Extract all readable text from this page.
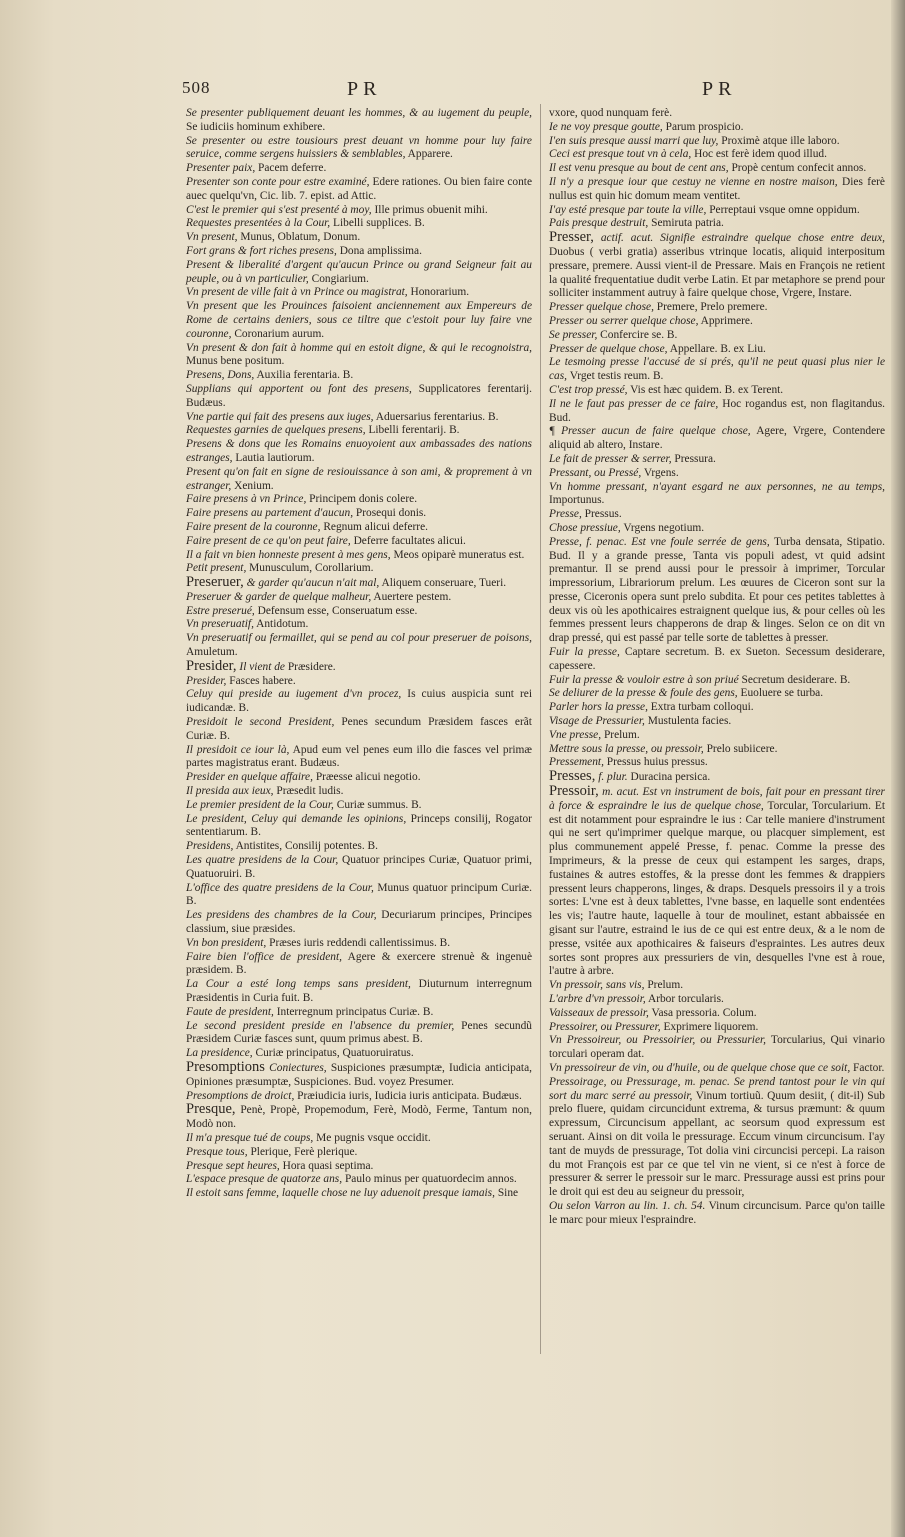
508	PR	PR
Se presenter publiquement deuant les hommes, & au iugement du peuple, Se iudiciis hominum exhibere.
Se presenter ou estre tousiours prest deuant vn homme pour luy faire seruice, comme sergens huissiers & semblables, Apparere.
Presenter paix, Pacem deferre.
Presenter son conte pour estre examiné, Edere rationes. Ou bien faire conte auec quelqu'vn, Cic. lib. 7. epist. ad Attic.
C'est le premier qui s'est presenté à moy, Ille primus obuenit mihi.
Requestes presentées à la Cour, Libelli supplices. B.
Vn present, Munus, Oblatum, Donum.
Fort grans & fort riches presens, Dona amplissima.
Present & liberalité d'argent qu'aucun Prince ou grand Seigneur fait au peuple, ou à vn particulier, Congiarium.
Vn present de ville fait à vn Prince ou magistrat, Honorarium.
Vn present que les Prouinces faisoient anciennement aux Empereurs de Rome de certains deniers, sous ce tiltre que c'estoit pour luy faire vne couronne, Coronarium aurum.
Vn present & don fait à homme qui en estoit digne, & qui le recognoistra, Munus bene positum.
Presens, Dons, Auxilia ferentaria. B.
Supplians qui apportent ou font des presens, Supplicatores ferentarij. Budæus.
Vne partie qui fait des presens aux iuges, Aduersarius ferentarius. B.
Requestes garnies de quelques presens, Libelli ferentarij. B.
Presens & dons que les Romains enuoyoient aux ambassades des nations estranges, Lautia lautiorum.
Present qu'on fait en signe de resiouissance à son ami, & proprement à vn estranger, Xenium.
Faire presens à vn Prince, Principem donis colere.
Faire presens au partement d'aucun, Prosequi donis.
Faire present de la couronne, Regnum alicui deferre.
Faire present de ce qu'on peut faire, Deferre facultates alicui.
Il a fait vn bien honneste present à mes gens, Meos opiparè muneratus est.
Petit present, Munusculum, Corollarium.
Preseruer, & garder qu'aucun n'ait mal, Aliquem conseruare, Tueri.
Preseruer & garder de quelque malheur, Auertere pestem.
Estre preserué, Defensum esse, Conseruatum esse.
Vn preseruatif, Antidotum.
Vn preseruatif ou fermaillet, qui se pend au col pour preseruer de poisons, Amuletum.
Presider, Il vient de Præsidere.
Presider, Fasces habere.
Celuy qui preside au iugement d'vn procez, Is cuius auspicia sunt rei iudicandæ. B.
Presidoit le second President, Penes secundum Præsidem fasces erãt Curiæ. B.
Il presidoit ce iour là, Apud eum vel penes eum illo die fasces vel primæ partes magistratus erant. Budæus.
Presider en quelque affaire, Præesse alicui negotio.
Il presida aux ieux, Præsedit ludis.
Le premier president de la Cour, Curiæ summus. B.
Le president, Celuy qui demande les opinions, Princeps consilij, Rogator sententiarum. B.
Presidens, Antistites, Consilij potentes. B.
Les quatre presidens de la Cour, Quatuor principes Curiæ, Quatuor primi, Quatuoruiri. B.
L'office des quatre presidens de la Cour, Munus quatuor principum Curiæ. B.
Les presidens des chambres de la Cour, Decuriarum principes, Principes classium, siue præsides.
Vn bon president, Præses iuris reddendi callentissimus. B.
Faire bien l'office de president, Agere & exercere strenuè & ingenuè præsidem. B.
La Cour a esté long temps sans president, Diuturnum interregnum Præsidentis in Curia fuit. B.
Faute de president, Interregnum principatus Curiæ. B.
Le second president preside en l'absence du premier, Penes secundũ Præsidem Curiæ fasces sunt, quum primus abest. B.
La presidence, Curiæ principatus, Quatuoruiratus.
Presomptions Coniectures, Suspiciones præsumptæ, Iudicia anticipata, Opiniones præsumptæ, Suspiciones. Bud. voyez Presumer.
Presomptions de droict, Præiudicia iuris, Iudicia iuris anticipata. Budæus.
Presque, Penè, Propè, Propemodum, Ferè, Modò, Ferme, Tantum non, Modò non.
Il m'a presque tué de coups, Me pugnis vsque occidit.
Presque tous, Plerique, Ferè plerique.
Presque sept heures, Hora quasi septima.
L'espace presque de quatorze ans, Paulo minus per quatuordecim annos.
Il estoit sans femme, laquelle chose ne luy aduenoit presque iamais, Sine
vxore, quod nunquam ferè.
Ie ne voy presque goutte, Parum prospicio.
I'en suis presque aussi marri que luy, Proximè atque ille laboro.
Ceci est presque tout vn à cela, Hoc est ferè idem quod illud.
Il est venu presque au bout de cent ans, Propè centum confecit annos.
Il n'y a presque iour que cestuy ne vienne en nostre maison, Dies ferè nullus est quin hic domum meam ventitet.
I'ay esté presque par toute la ville, Perreptaui vsque omne oppidum.
Pais presque destruit, Semiruta patria.
Presser, actif. acut. Signifie estraindre quelque chose entre deux, Duobus ( verbi gratia) asseribus vtrinque locatis, aliquid interpositum pressare, premere. Aussi vient-il de Pressare. Mais en François ne retient la qualité frequentatiue dudit verbe Latin. Et par metaphore se prend pour solliciter instamment autruy à faire quelque chose, Vrgere, Instare.
Presser quelque chose, Premere, Prelo premere.
Presser ou serrer quelque chose, Apprimere.
Se presser, Confercire se. B.
Presser de quelque chose, Appellare. B. ex Liu.
Le tesmoing presse l'accusé de si prés, qu'il ne peut quasi plus nier le cas, Vrget testis reum. B.
C'est trop pressé, Vis est hæc quidem. B. ex Terent.
Il ne le faut pas presser de ce faire, Hoc rogandus est, non flagitandus. Bud.
¶ Presser aucun de faire quelque chose, Agere, Vrgere, Contendere aliquid ab altero, Instare.
Le fait de presser & serrer, Pressura.
Pressant, ou Pressé, Vrgens.
Vn homme pressant, n'ayant esgard ne aux personnes, ne au temps, Importunus.
Presse, Pressus.
Chose pressiue, Vrgens negotium.
Presse, f. penac. Est vne foule serrée de gens, Turba densata, Stipatio. Bud. Il y a grande presse, Tanta vis populi adest, vt quid adsint premantur. Il se prend aussi pour le pressoir à imprimer, Torcular impressorium, Librariorum prelum. Les œuures de Ciceron sont sur la presse, Ciceronis opera sunt prelo subdita. Et pour ces petites tablettes à deux vis où les apothicaires estraignent quelque ius, & pour celles où les femmes pressent leurs chapperons de drap & linges. Selon ce on dit vn drap pressé, qui est passé par telle sorte de tablettes à presser.
Fuir la presse, Captare secretum. B. ex Sueton. Secessum desiderare, capessere.
Fuir la presse & vouloir estre à son priué Secretum desiderare. B.
Se deliurer de la presse & foule des gens, Euoluere se turba.
Parler hors la presse, Extra turbam colloqui.
Visage de Pressurier, Mustulenta facies.
Vne presse, Prelum.
Mettre sous la presse, ou pressoir, Prelo subiicere.
Pressement, Pressus huius pressus.
Presses, f. plur. Duracina persica.
Pressoir, m. acut. Est vn instrument de bois, fait pour en pressant tirer à force & espraindre le ius de quelque chose, Torcular, Torcularium. Et est dit notamment pour espraindre le ius : Car telle maniere d'instrument qui ne sert qu'imprimer quelque marque, ou placquer simplement, est plus communement appelé Presse, f. penac. Comme la presse des Imprimeurs, & la presse de ceux qui estampent les sarges, draps, fustaines & autres estoffes, & la presse dont les femmes & drappiers pressent leurs chapperons, linges, & draps. Desquels pressoirs il y a trois sortes: L'vne est à deux tablettes, l'vne basse, en laquelle sont endentées les vis; l'autre haute, laquelle à tour de moulinet, estant abbaissée en gisant sur l'autre, estraind le ius de ce qui est entre deux, & a le nom de presse, vsitée aux apothicaires & faiseurs d'espraintes. Les autres deux sortes sont propres aux pressuriers de vin, desquelles l'vne est à roue, l'autre à arbre.
Vn pressoir, sans vis, Prelum.
L'arbre d'vn pressoir, Arbor torcularis.
Vaisseaux de pressoir, Vasa pressoria. Colum.
Pressoirer, ou Pressurer, Exprimere liquorem.
Vn Pressoireur, ou Pressoirier, ou Pressurier, Torcularius, Qui vinario torculari operam dat.
Vn pressoireur de vin, ou d'huile, ou de quelque chose que ce soit, Factor.
Pressoirage, ou Pressurage, m. penac. Se prend tantost pour le vin qui sort du marc serré au pressoir, Vinum tortiuũ. Quum desiit, ( dit-il) Sub prelo fluere, quidam circuncidunt extrema, & tursus præmunt: & quum expressum, Circuncisum appellant, ac seorsum quod expressum est seruant. Ainsi on dit voila le pressurage. Eccum vinum circuncisum. I'ay tant de muyds de pressurage, Tot dolia vini circuncisi percepi. La raison du mot François est par ce que tel vin ne vient, si ce n'est à force de pressurer & serrer le pressoir sur le marc. Pressurage aussi est prins pour le droit qui est deu au seigneur du pressoir,
Ou selon Varron au lin. 1. ch. 54. Vinum circuncisum. Parce qu'on taille le marc pour mieux l'espraindre.
